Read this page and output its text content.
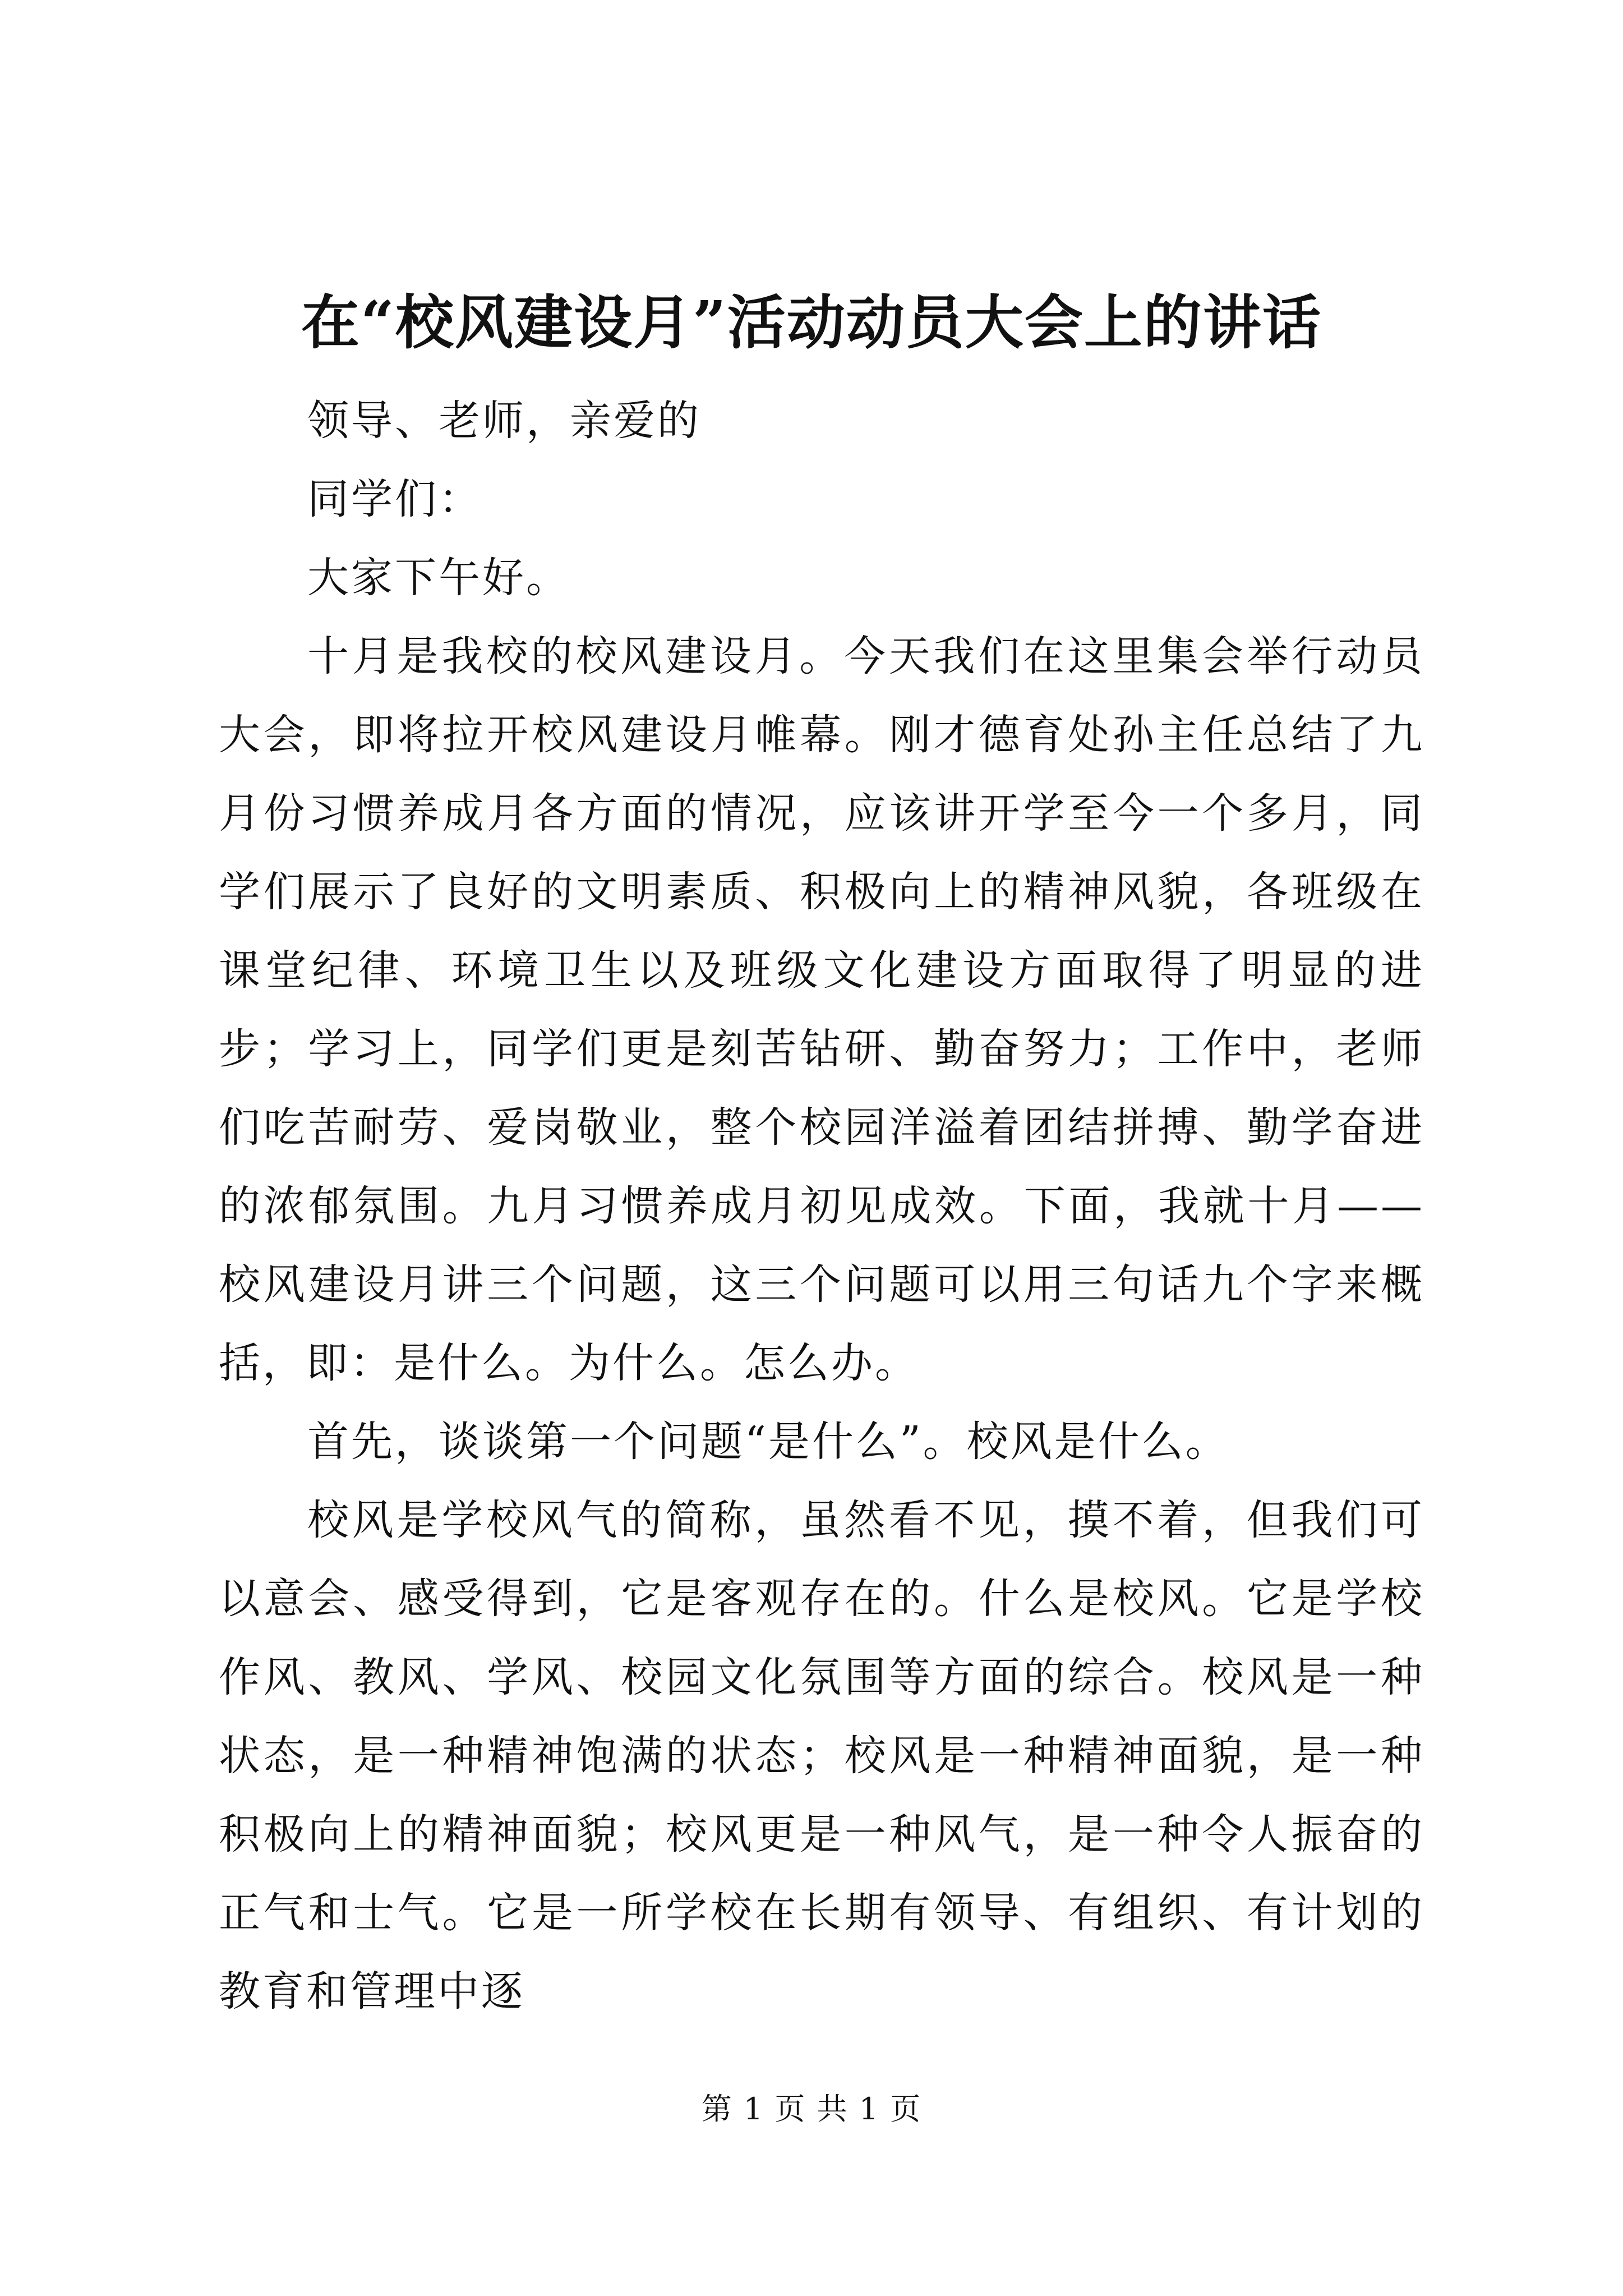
在“校风建设月”活动动员大会上的讲话

领导、老师，亲爱的

同学们：

大家下午好。

十月是我校的校风建设月。今天我们在这里集会举行动员大会，即将拉开校风建设月帷幕。刚才德育处孙主任总结了九月份习惯养成月各方面的情况，应该讲开学至今一个多月，同学们展示了良好的文明素质、积极向上的精神风貌，各班级在课堂纪律、环境卫生以及班级文化建设方面取得了明显的进步；学习上，同学们更是刻苦钻研、勤奋努力；工作中，老师们吃苦耐劳、爱岗敬业，整个校园洋溢着团结拼搏、勤学奋进的浓郁氛围。九月习惯养成月初见成效。下面，我就十月——校风建设月讲三个问题，这三个问题可以用三句话九个字来概括，即：是什么。为什么。怎么办。

首先，谈谈第一个问题“是什么”。校风是什么。

校风是学校风气的简称，虽然看不见，摸不着，但我们可以意会、感受得到，它是客观存在的。什么是校风。它是学校作风、教风、学风、校园文化氛围等方面的综合。校风是一种状态，是一种精神饱满的状态；校风是一种精神面貌，是一种积极向上的精神面貌；校风更是一种风气，是一种令人振奋的正气和士气。它是一所学校在长期有领导、有组织、有计划的教育和管理中逐

第 1 页 共 1 页
